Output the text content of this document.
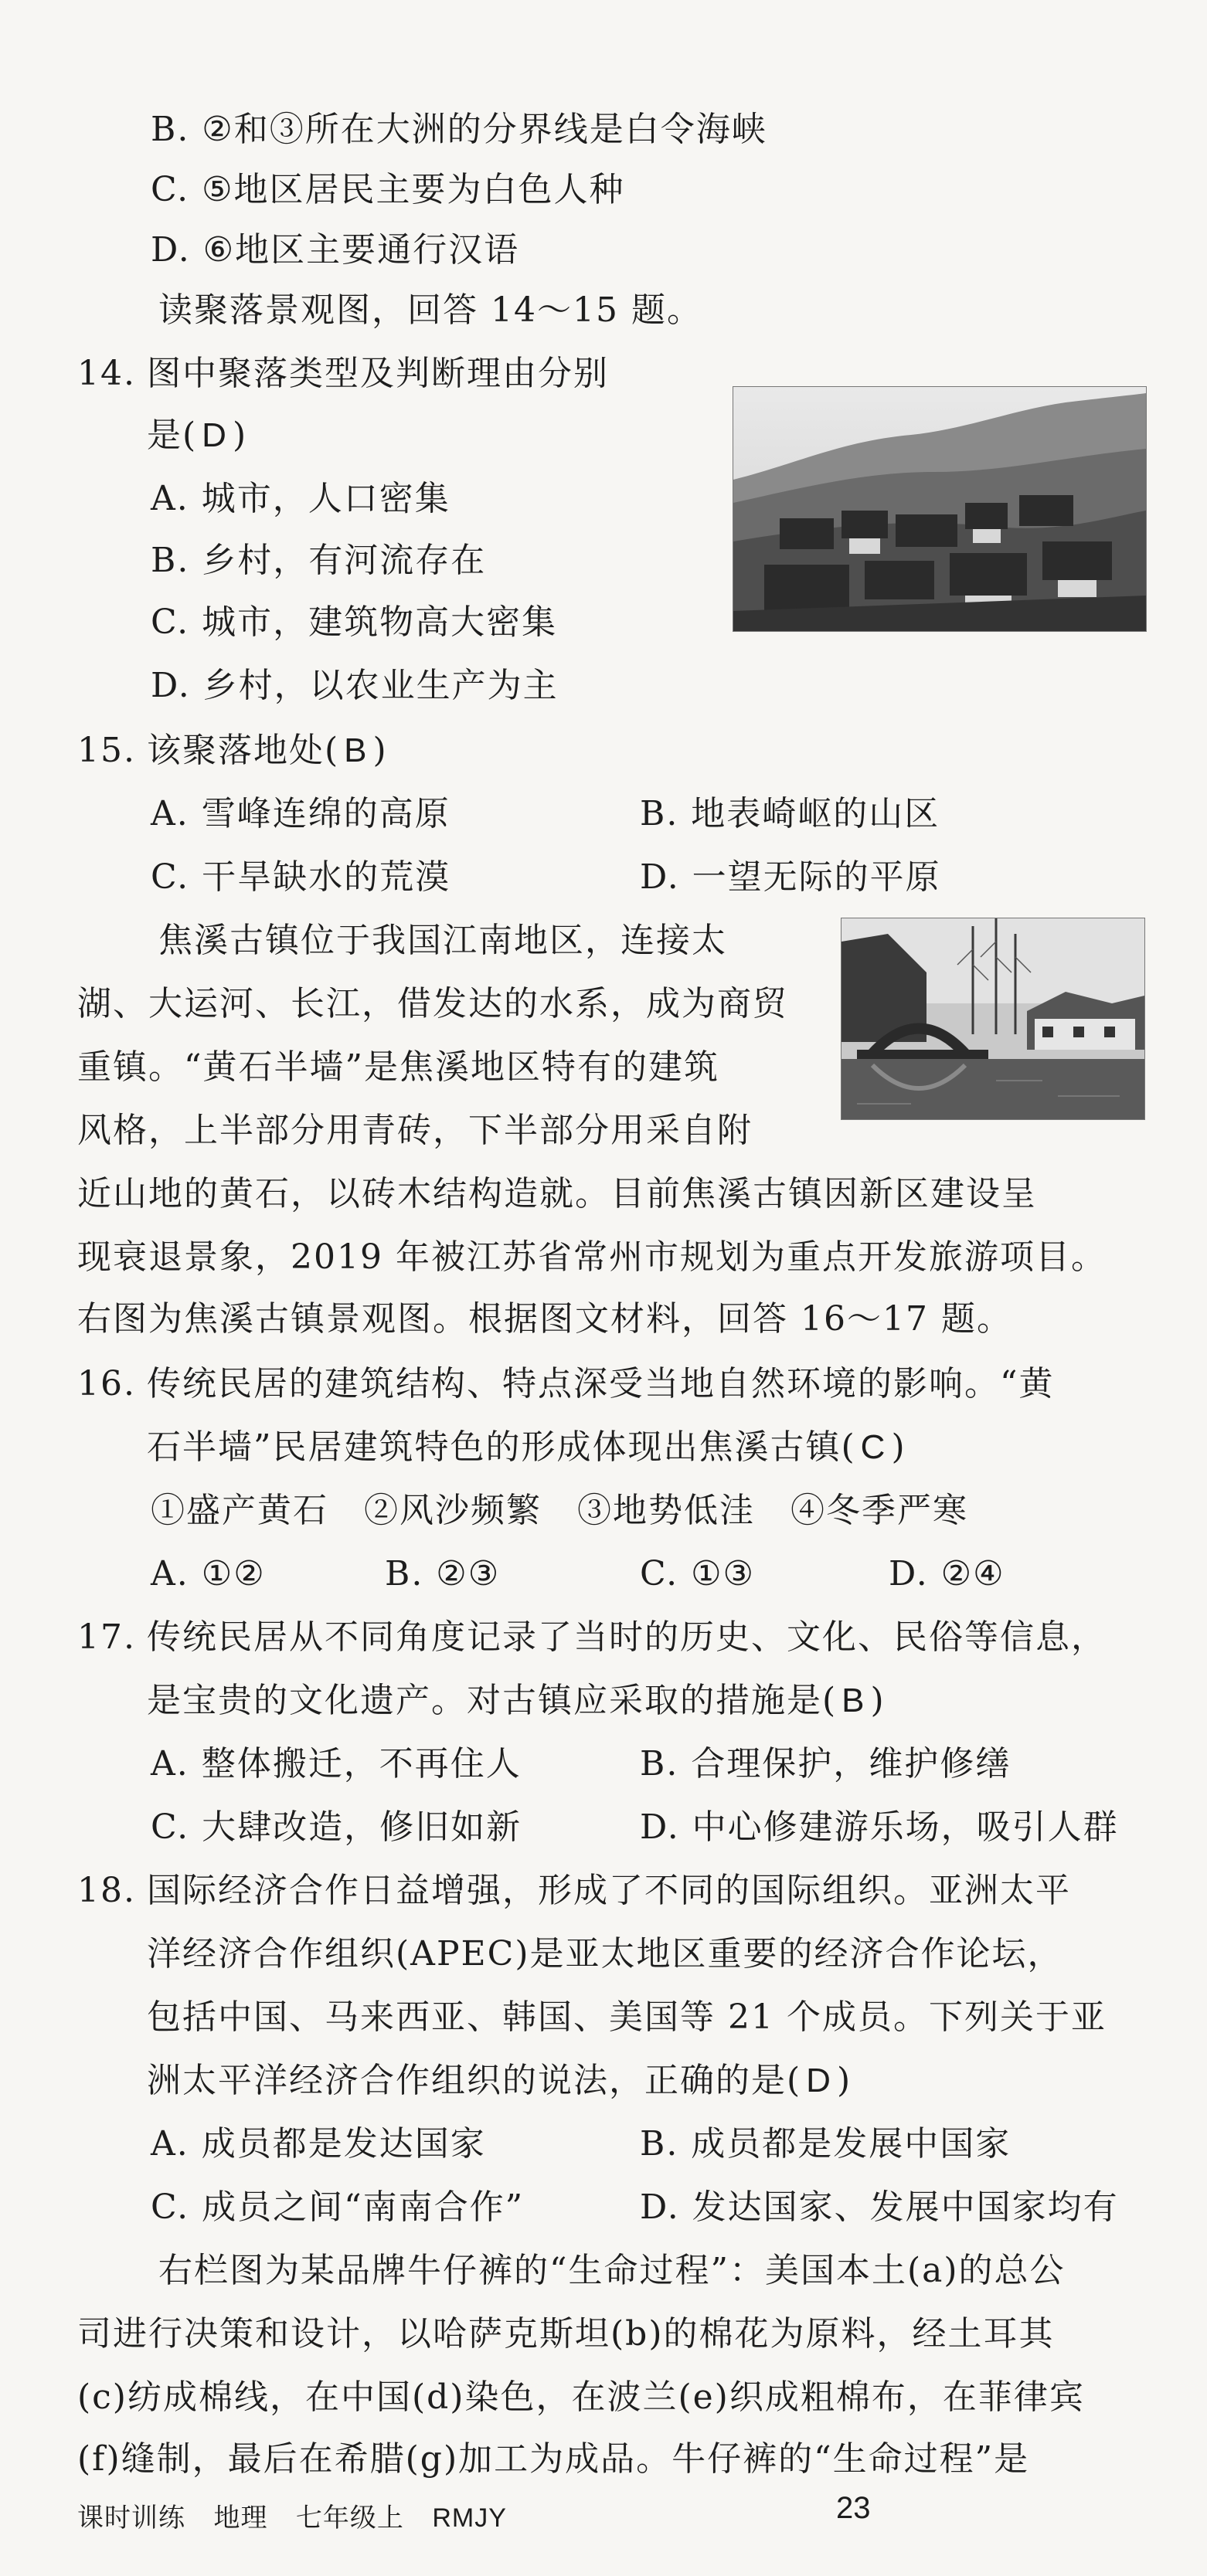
B. ②和③所在大洲的分界线是白令海峡
C. ⑤地区居民主要为白色人种
D. ⑥地区主要通行汉语
读聚落景观图，回答 14～15 题。
14. 图中聚落类型及判断理由分别
是( D )
A. 城市，人口密集
B. 乡村，有河流存在
C. 城市，建筑物高大密集
D. 乡村，以农业生产为主
15. 该聚落地处( B )
A. 雪峰连绵的高原	B. 地表崎岖的山区
C. 干旱缺水的荒漠	D. 一望无际的平原
焦溪古镇位于我国江南地区，连接太
湖、大运河、长江，借发达的水系，成为商贸
重镇。“黄石半墙”是焦溪地区特有的建筑
风格，上半部分用青砖，下半部分用采自附
近山地的黄石，以砖木结构造就。目前焦溪古镇因新区建设呈
现衰退景象，2019 年被江苏省常州市规划为重点开发旅游项目。
右图为焦溪古镇景观图。根据图文材料，回答 16～17 题。
16. 传统民居的建筑结构、特点深受当地自然环境的影响。“黄
石半墙”民居建筑特色的形成体现出焦溪古镇( C )
①盛产黄石　②风沙频繁　③地势低洼　④冬季严寒
A. ①②	B. ②③	C. ①③	D. ②④
17. 传统民居从不同角度记录了当时的历史、文化、民俗等信息，
是宝贵的文化遗产。对古镇应采取的措施是( B )
A. 整体搬迁，不再住人	B. 合理保护，维护修缮
C. 大肆改造，修旧如新	D. 中心修建游乐场，吸引人群
18. 国际经济合作日益增强，形成了不同的国际组织。亚洲太平
洋经济合作组织(APEC)是亚太地区重要的经济合作论坛，
包括中国、马来西亚、韩国、美国等 21 个成员。下列关于亚
洲太平洋经济合作组织的说法，正确的是( D )
A. 成员都是发达国家	B. 成员都是发展中国家
C. 成员之间“南南合作”	D. 发达国家、发展中国家均有
右栏图为某品牌牛仔裤的“生命过程”：美国本土(a)的总公
司进行决策和设计，以哈萨克斯坦(b)的棉花为原料，经土耳其
(c)纺成棉线，在中国(d)染色，在波兰(e)织成粗棉布，在菲律宾
(f)缝制，最后在希腊(g)加工为成品。牛仔裤的“生命过程”是
课时训练 地理 七年级上 RMJY	23
